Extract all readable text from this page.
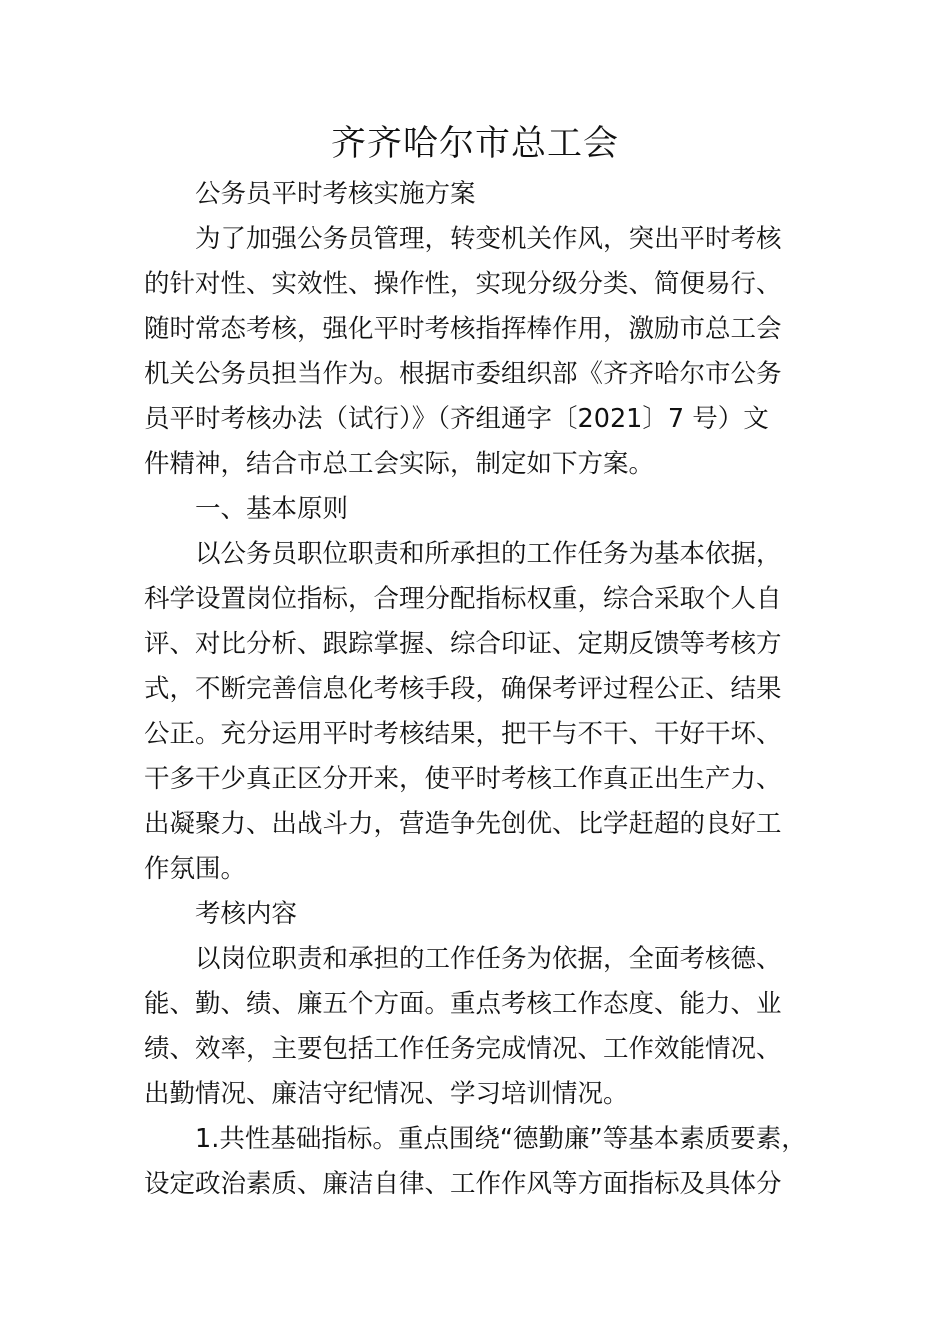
齐齐哈尔市总工会
公务员平时考核实施方案
为了加强公务员管理，转变机关作风，突出平时考核
的针对性、实效性、操作性，实现分级分类、简便易行、
随时常态考核，强化平时考核指挥棒作用，激励市总工会
机关公务员担当作为。根据市委组织部《齐齐哈尔市公务
员平时考核办法（试行）》（齐组通字〔2021〕7 号）文
件精神，结合市总工会实际，制定如下方案。
一、基本原则
以公务员职位职责和所承担的工作任务为基本依据，
科学设置岗位指标，合理分配指标权重，综合采取个人自
评、对比分析、跟踪掌握、综合印证、定期反馈等考核方
式，不断完善信息化考核手段，确保考评过程公正、结果
公正。充分运用平时考核结果，把干与不干、干好干坏、
干多干少真正区分开来，使平时考核工作真正出生产力、
出凝聚力、出战斗力，营造争先创优、比学赶超的良好工
作氛围。
考核内容
以岗位职责和承担的工作任务为依据，全面考核德、
能、勤、绩、廉五个方面。重点考核工作态度、能力、业
绩、效率，主要包括工作任务完成情况、工作效能情况、
出勤情况、廉洁守纪情况、学习培训情况。
1.共性基础指标。重点围绕“德勤廉”等基本素质要素，
设定政治素质、廉洁自律、工作作风等方面指标及具体分
